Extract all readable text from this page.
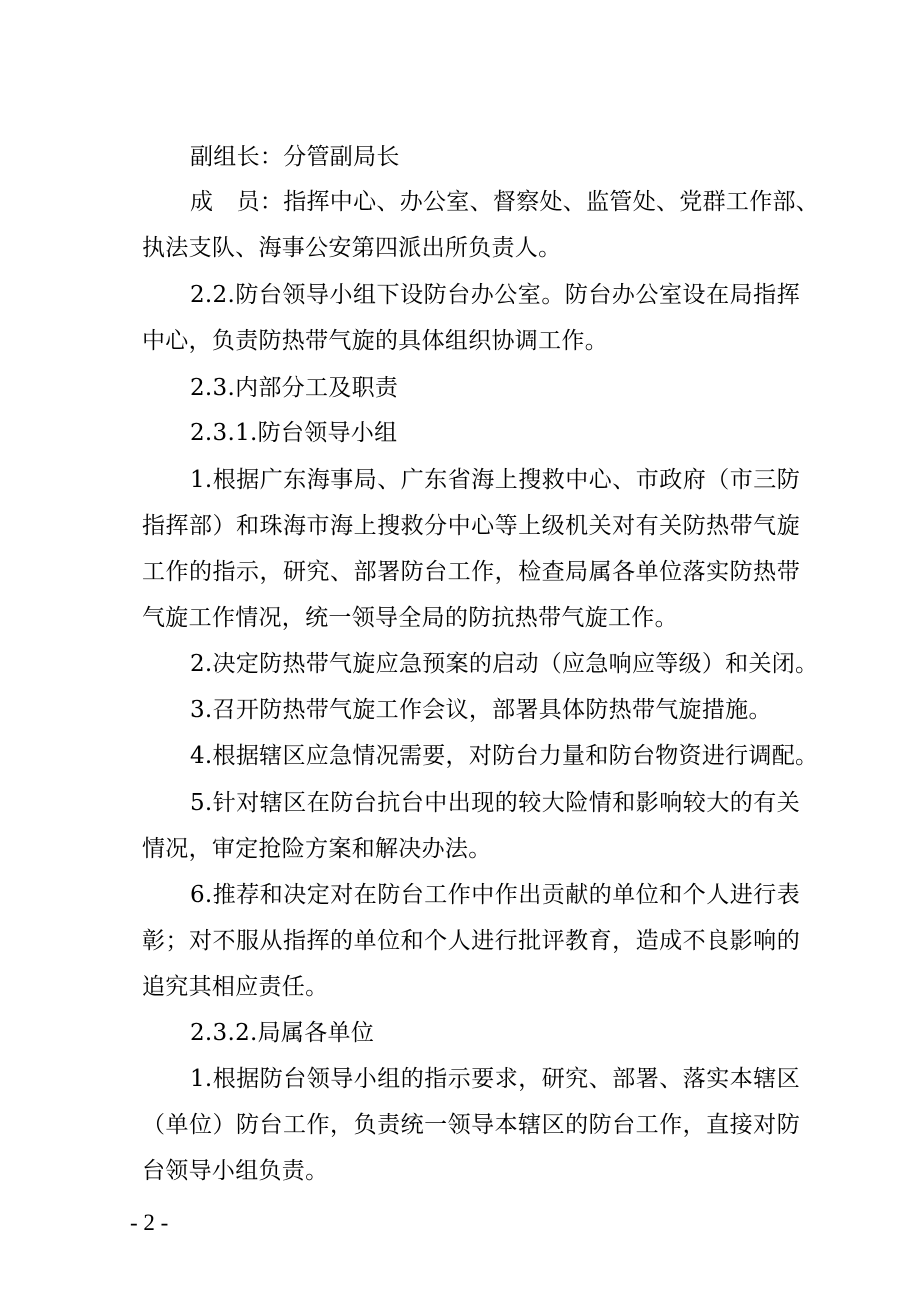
副组长：分管副局长
成　员：指挥中心、办公室、督察处、监管处、党群工作部、
执法支队、海事公安第四派出所负责人。
2.2.防台领导小组下设防台办公室。防台办公室设在局指挥
中心，负责防热带气旋的具体组织协调工作。
2.3.内部分工及职责
2.3.1.防台领导小组
1.根据广东海事局、广东省海上搜救中心、市政府（市三防
指挥部）和珠海市海上搜救分中心等上级机关对有关防热带气旋
工作的指示，研究、部署防台工作，检查局属各单位落实防热带
气旋工作情况，统一领导全局的防抗热带气旋工作。
2.决定防热带气旋应急预案的启动（应急响应等级）和关闭。
3.召开防热带气旋工作会议，部署具体防热带气旋措施。
4.根据辖区应急情况需要，对防台力量和防台物资进行调配。
5.针对辖区在防台抗台中出现的较大险情和影响较大的有关
情况，审定抢险方案和解决办法。
6.推荐和决定对在防台工作中作出贡献的单位和个人进行表
彰；对不服从指挥的单位和个人进行批评教育，造成不良影响的
追究其相应责任。
2.3.2.局属各单位
1.根据防台领导小组的指示要求，研究、部署、落实本辖区
（单位）防台工作，负责统一领导本辖区的防台工作，直接对防
台领导小组负责。
- 2 -
